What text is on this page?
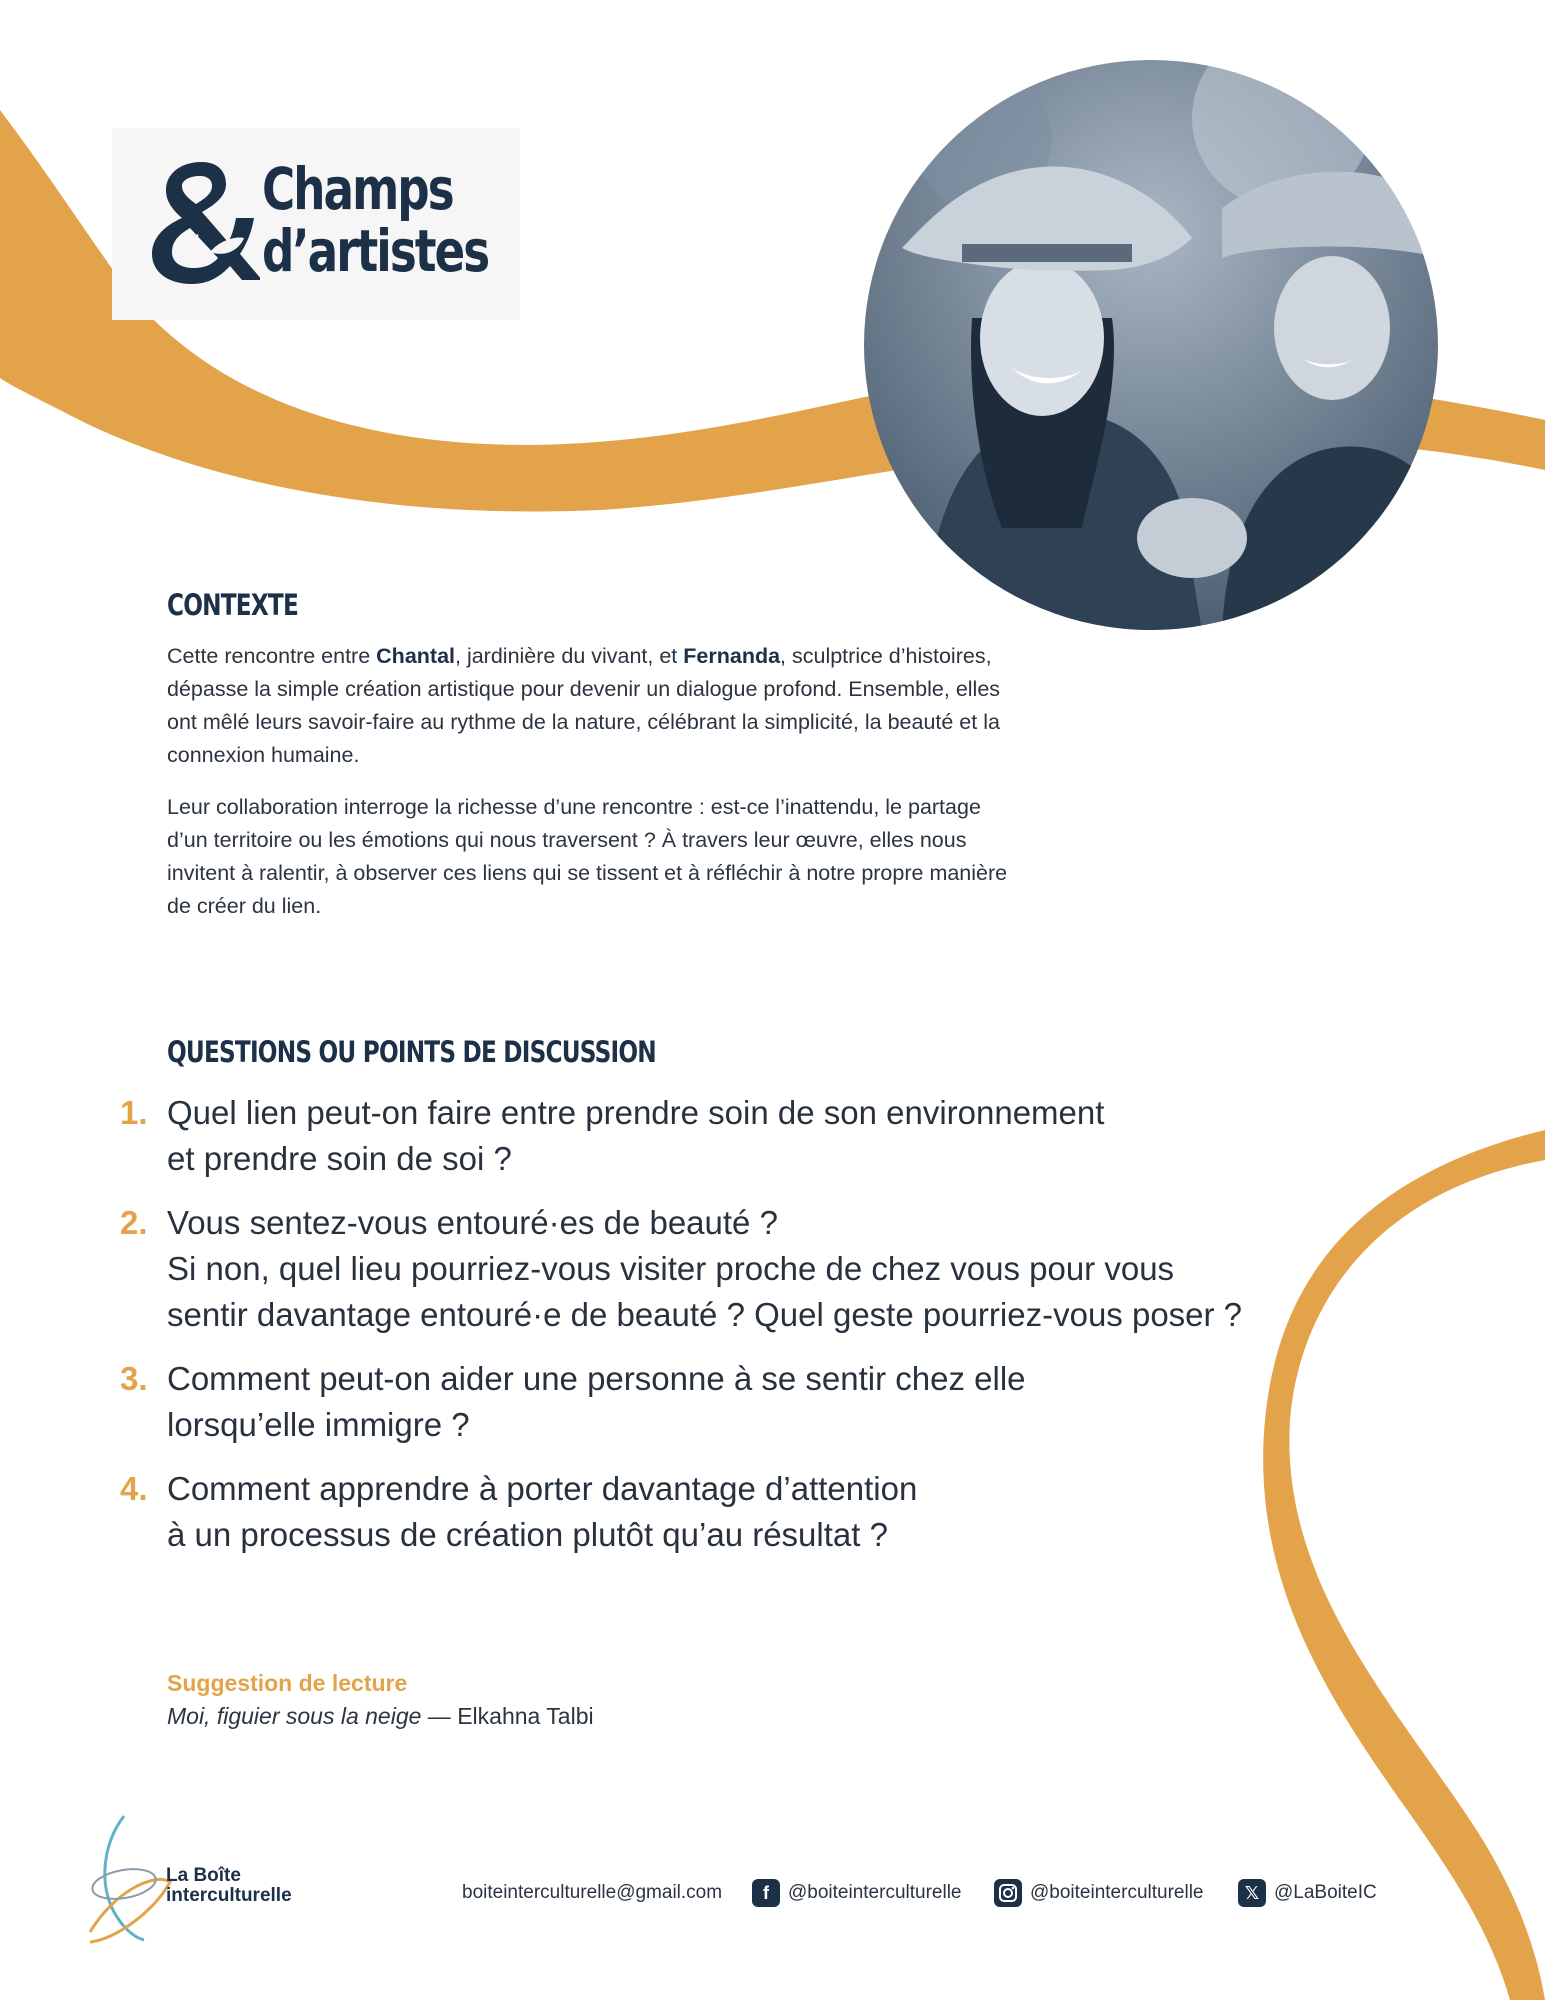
Champs
d’artistes
CONTEXTE

Cette rencontre entre Chantal, jardinière du vivant, et Fernanda, sculptrice d’histoires, dépasse la simple création artistique pour devenir un dialogue profond. Ensemble, elles ont mêlé leurs savoir-faire au rythme de la nature, célébrant la simplicité, la beauté et la connexion humaine.

Leur collaboration interroge la richesse d’une rencontre : est-ce l’inattendu, le partage d’un territoire ou les émotions qui nous traversent ? À travers leur œuvre, elles nous invitent à ralentir, à observer ces liens qui se tissent et à réfléchir à notre propre manière de créer du lien.

QUESTIONS OU POINTS DE DISCUSSION
1. Quel lien peut-on faire entre prendre soin de son environnement
et prendre soin de soi ?

2. Vous sentez-vous entouré·es de beauté ?
Si non, quel lieu pourriez-vous visiter proche de chez vous pour vous
sentir davantage entouré·e de beauté ? Quel geste pourriez-vous poser ?

3. Comment peut-on aider une personne à se sentir chez elle
lorsqu’elle immigre ?

4. Comment apprendre à porter davantage d’attention
à un processus de création plutôt qu’au résultat ?

Suggestion de lecture
Moi, figuier sous la neige — Elkahna Talbi
La Boîte
interculturelle	boiteinterculturelle@gmail.com	f @boiteinterculturelle	@boiteinterculturelle	𝕏 @LaBoiteIC
